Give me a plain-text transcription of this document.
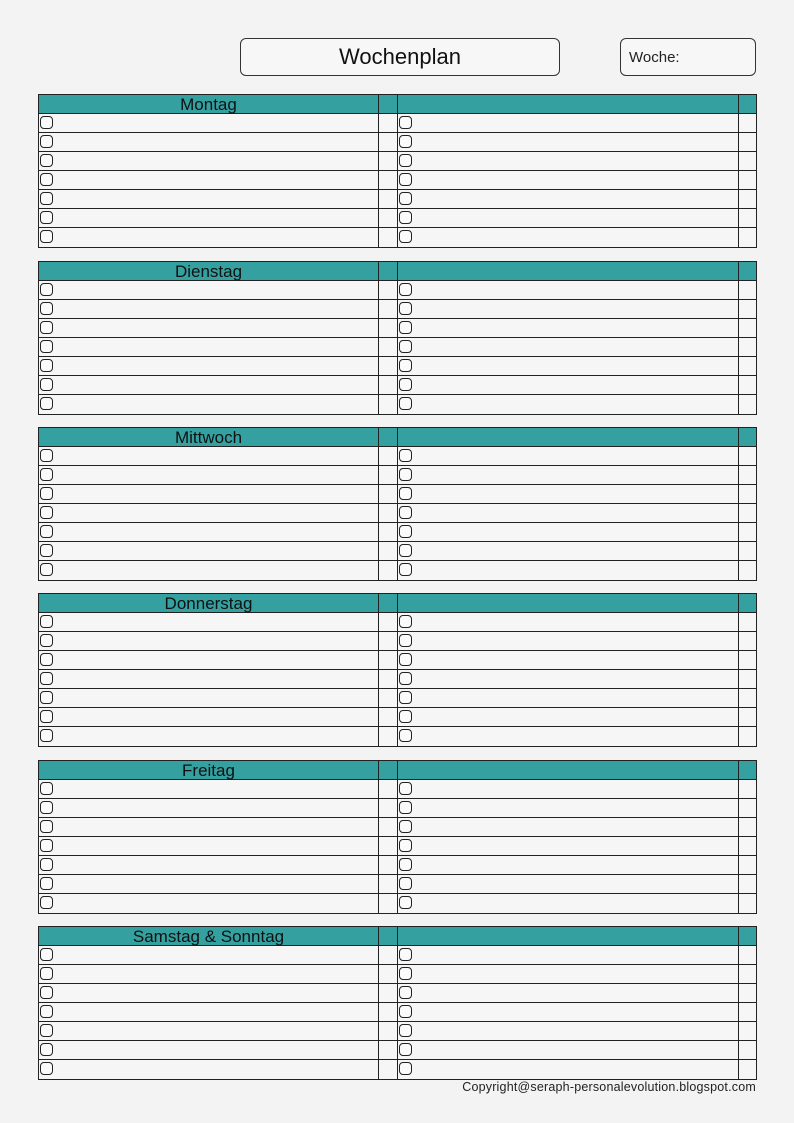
Wochenplan	Woche:
Montag
Dienstag
Mittwoch
Donnerstag
Freitag
Samstag & Sonntag
Copyright@seraph-personalevolution.blogspot.com
